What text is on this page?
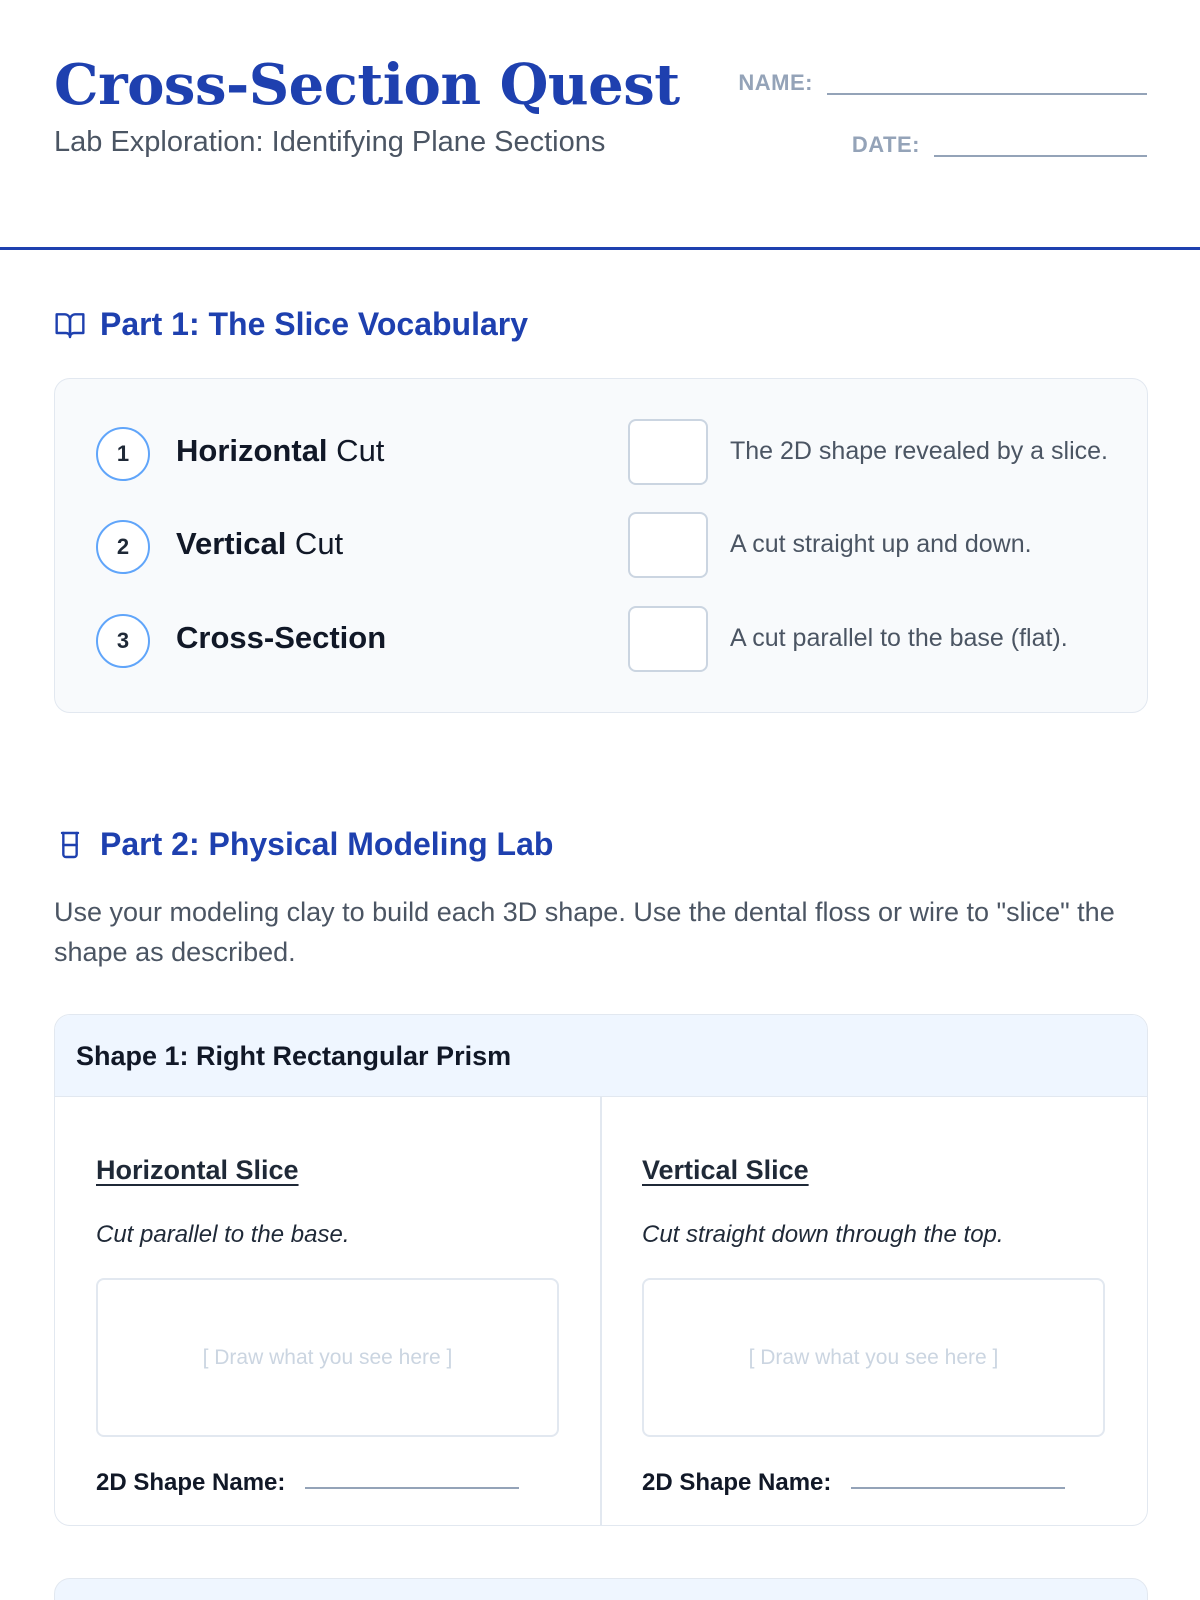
Cross-Section Quest
Lab Exploration: Identifying Plane Sections
NAME:
DATE:
Part 1: The Slice Vocabulary
1	Horizontal Cut	The 2D shape revealed by a slice.
2	Vertical Cut	A cut straight up and down.
3	Cross-Section	A cut parallel to the base (flat).
Part 2: Physical Modeling Lab
Use your modeling clay to build each 3D shape. Use the dental floss or wire to "slice" the shape as described.
Shape 1: Right Rectangular Prism
Horizontal Slice
Cut parallel to the base.
[ Draw what you see here ]
2D Shape Name:
Vertical Slice
Cut straight down through the top.
[ Draw what you see here ]
2D Shape Name:
